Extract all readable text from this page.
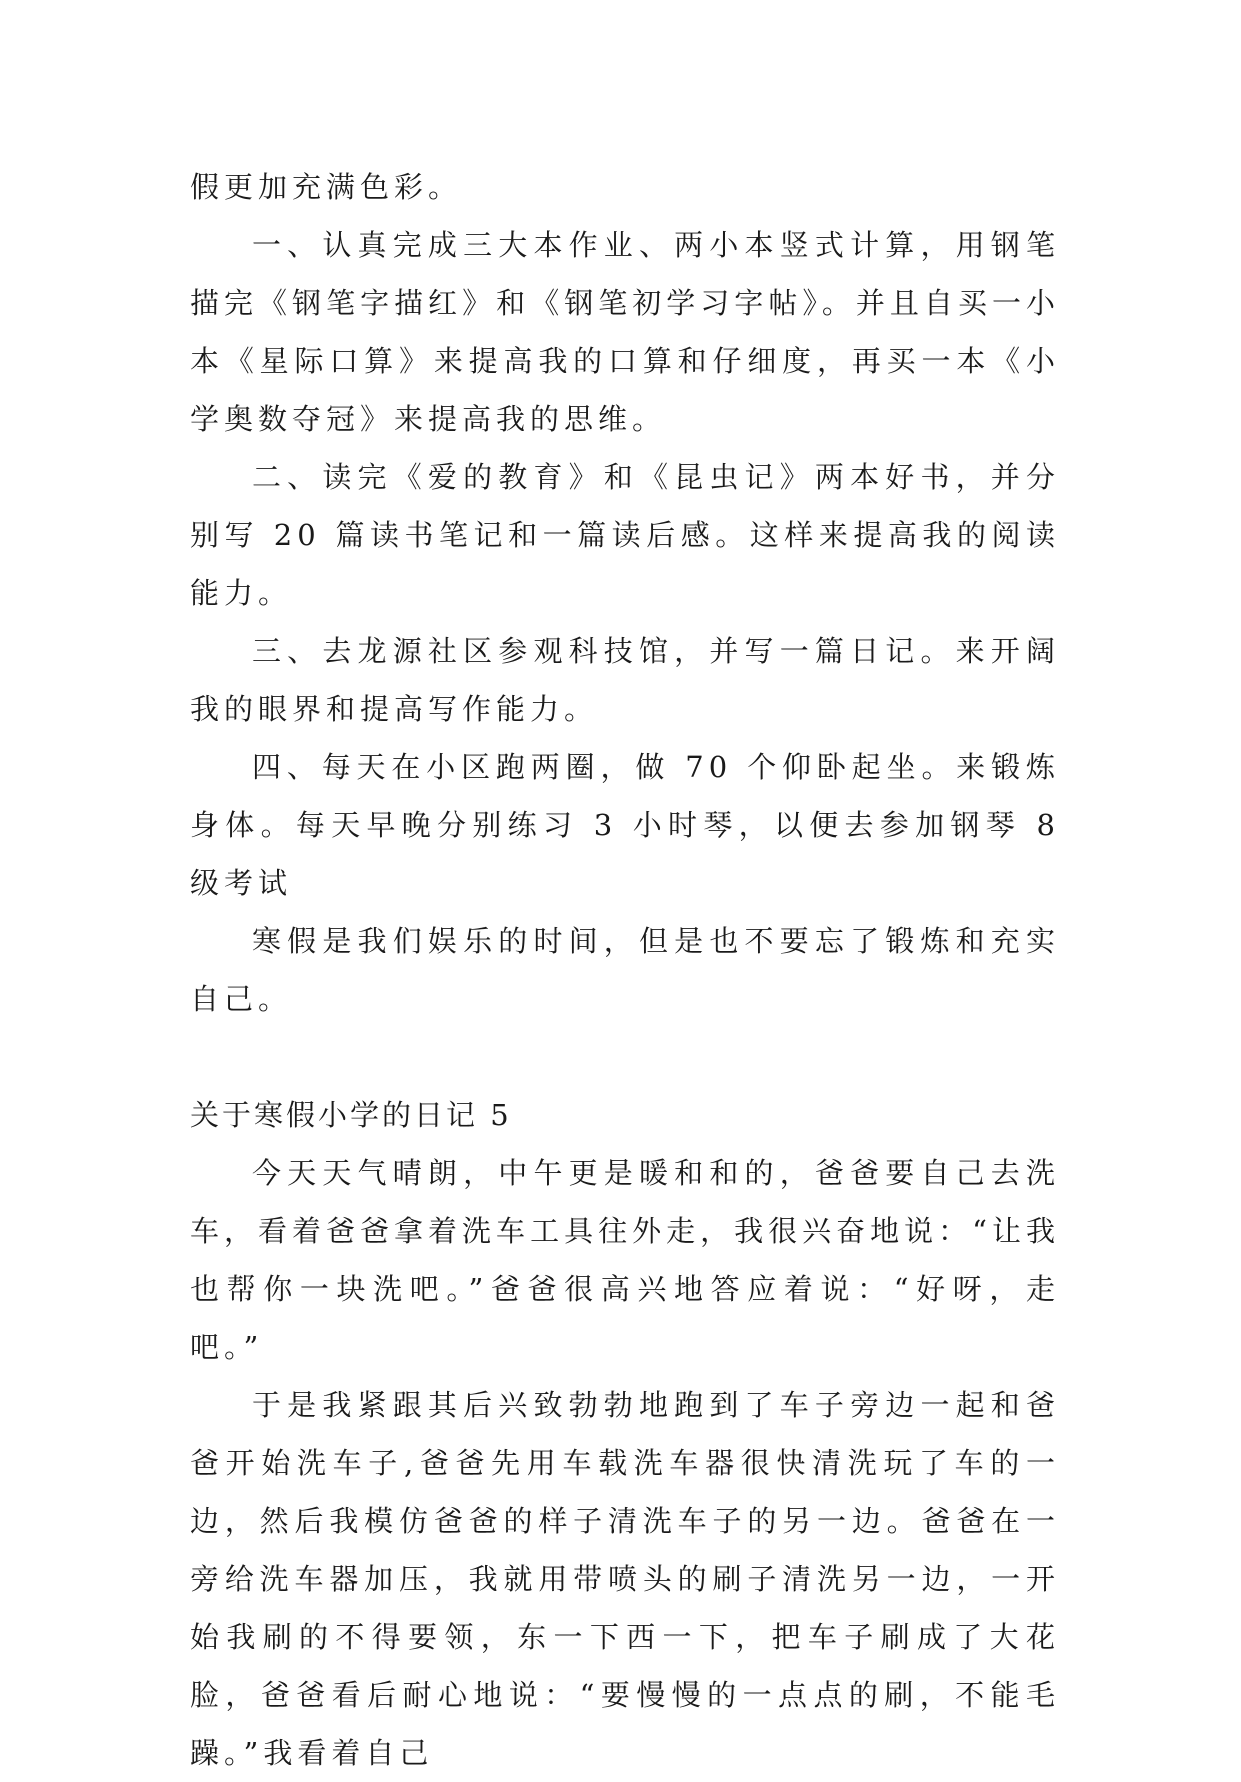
假更加充满色彩。

一、认真完成三大本作业、两小本竖式计算，用钢笔描完《钢笔字描红》和《钢笔初学习字帖》。并且自买一小本《星际口算》来提高我的口算和仔细度，再买一本《小学奥数夺冠》来提高我的思维。

二、读完《爱的教育》和《昆虫记》两本好书，并分别写 20 篇读书笔记和一篇读后感。这样来提高我的阅读能力。

三、去龙源社区参观科技馆，并写一篇日记。来开阔我的眼界和提高写作能力。

四、每天在小区跑两圈，做 70 个仰卧起坐。来锻炼身体。每天早晚分别练习 3 小时琴，以便去参加钢琴 8 级考试

寒假是我们娱乐的时间，但是也不要忘了锻炼和充实自己。

关于寒假小学的日记 5

今天天气晴朗，中午更是暖和和的，爸爸要自己去洗车，看着爸爸拿着洗车工具往外走，我很兴奋地说：“让我也帮你一块洗吧。”爸爸很高兴地答应着说：“好呀，走吧。”

于是我紧跟其后兴致勃勃地跑到了车子旁边一起和爸爸开始洗车子,爸爸先用车载洗车器很快清洗玩了车的一边，然后我模仿爸爸的样子清洗车子的另一边。爸爸在一旁给洗车器加压，我就用带喷头的刷子清洗另一边，一开始我刷的不得要领，东一下西一下，把车子刷成了大花脸，爸爸看后耐心地说：“要慢慢的一点点的刷，不能毛躁。”我看着自己
